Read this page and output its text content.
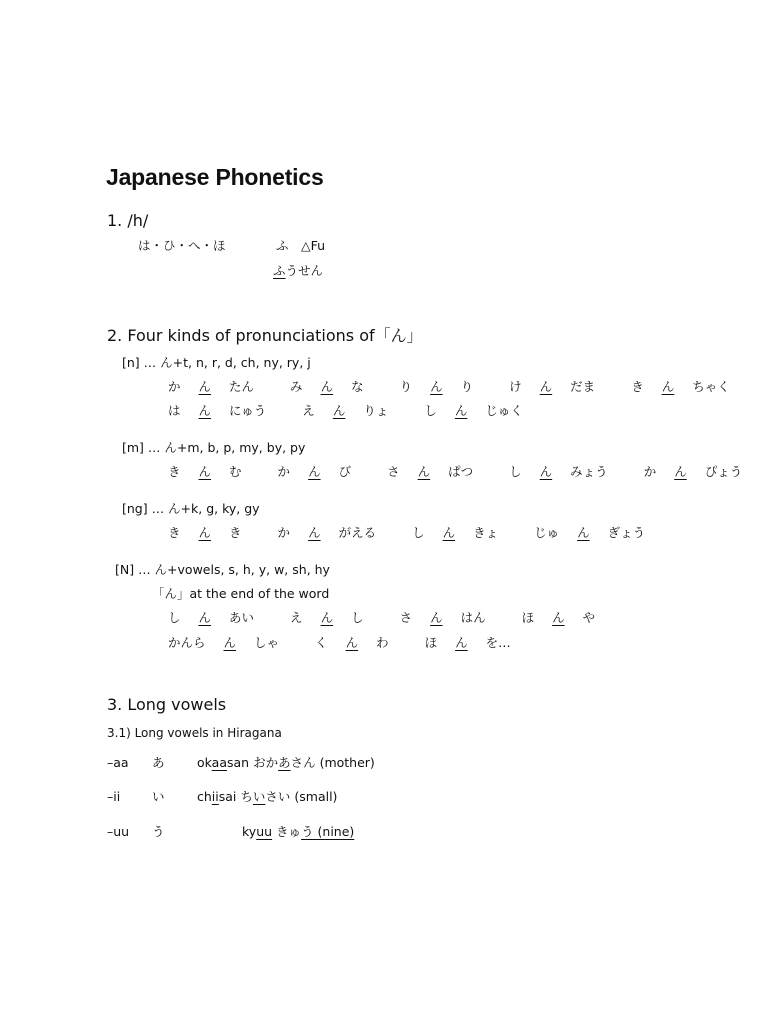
Japanese Phonetics
1. /h/
は・ひ・へ・ほ	ふ　△Fu
ふうせん
2. Four kinds of pronunciations of「ん」
[n] … ん+t, n, r, d, ch, ny, ry, j
か ん たん	み ん な	り ん り	け ん だま	き ん ちゃく
は ん にゅう	え ん りょ	し ん じゅく
[m] … ん+m, b, p, my, by, py
き ん む	か ん び	さ ん ぱつ	し ん みょう	か ん ぴょう
[ng] … ん+k, g, ky, gy
き ん き	か ん がえる	し ん きょ	じゅ ん ぎょう
[N] … ん+vowels, s, h, y, w, sh, hy
「ん」at the end of the word
し ん あい	え ん し	さ ん はん	ほ ん や
かんら ん しゃ	く ん わ	ほ ん を…
3. Long vowels
3.1) Long vowels in Hiragana
–aa あ	okaasan おかあさん (mother)
–ii	い	chiisai ちいさい (small)
–uu う	kyuu きゅう (nine)
